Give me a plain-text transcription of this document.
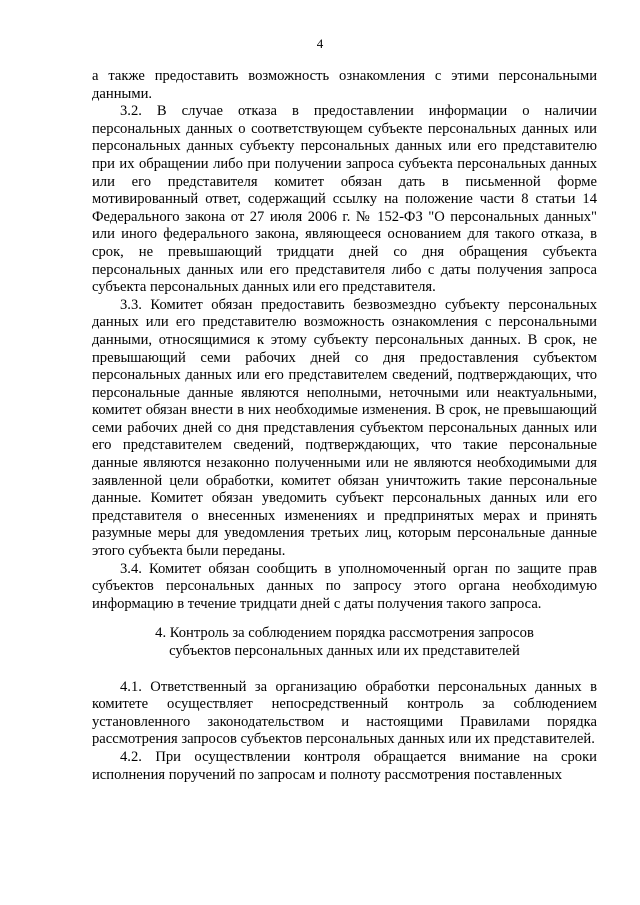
4

а также предоставить возможность ознакомления с этими персональными данными.

3.2. В случае отказа в предоставлении информации о наличии персональных данных о соответствующем субъекте персональных данных или персональных данных субъекту персональных данных или его представителю при их обращении либо при получении запроса субъекта персональных данных или его представителя комитет обязан дать в письменной форме мотивированный ответ, содержащий ссылку на положение части 8 статьи 14 Федерального закона от 27 июля 2006 г. № 152-ФЗ "О персональных данных" или иного федерального закона, являющееся основанием для такого отказа, в срок, не превышающий тридцати дней со дня обращения субъекта персональных данных или его представителя либо с даты получения запроса субъекта персональных данных или его представителя.

3.3. Комитет обязан предоставить безвозмездно субъекту персональных данных или его представителю возможность ознакомления с персональными данными, относящимися к этому субъекту персональных данных. В срок, не превышающий семи рабочих дней со дня предоставления субъектом персональных данных или его представителем сведений, подтверждающих, что персональные данные являются неполными, неточными или неактуальными, комитет обязан внести в них необходимые изменения. В срок, не превышающий семи рабочих дней со дня представления субъектом персональных данных или его представителем сведений, подтверждающих, что такие персональные данные являются незаконно полученными или не являются необходимыми для заявленной цели обработки, комитет обязан уничтожить такие персональные данные. Комитет обязан уведомить субъект персональных данных или его представителя о внесенных изменениях и предпринятых мерах и принять разумные меры для уведомления третьих лиц, которым персональные данные этого субъекта были переданы.

3.4. Комитет обязан сообщить в уполномоченный орган по защите прав субъектов персональных данных по запросу этого органа необходимую информацию в течение тридцати дней с даты получения такого запроса.

4. Контроль за соблюдением порядка рассмотрения запросов
субъектов персональных данных или их представителей

4.1. Ответственный за организацию обработки персональных данных в комитете осуществляет непосредственный контроль за соблюдением установленного законодательством и настоящими Правилами порядка рассмотрения запросов субъектов персональных данных или их представителей.

4.2. При осуществлении контроля обращается внимание на сроки исполнения поручений по запросам и полноту рассмотрения поставленных
